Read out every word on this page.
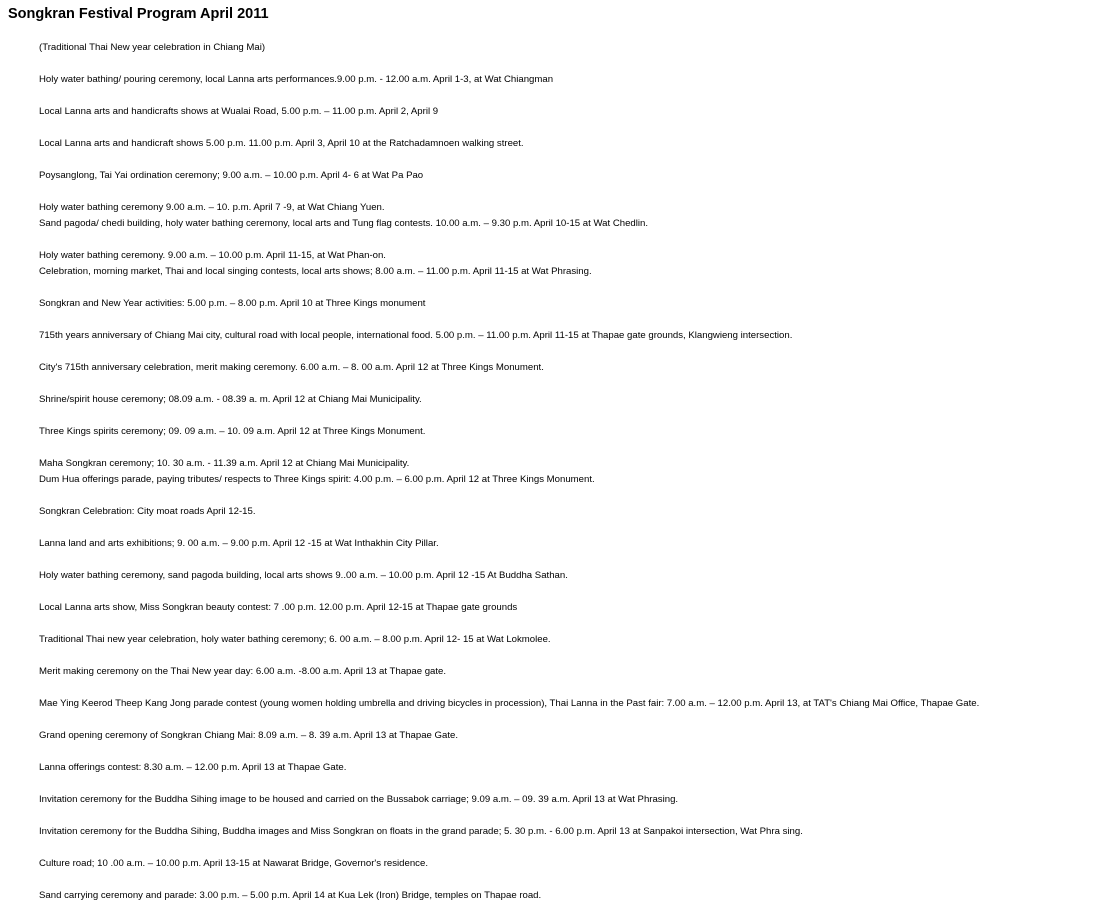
Songkran Festival Program April 2011
(Traditional Thai New year celebration in Chiang Mai)
Holy water bathing/ pouring ceremony, local Lanna arts performances.9.00 p.m. - 12.00 a.m. April 1-3, at Wat Chiangman
Local Lanna arts and handicrafts shows at Wualai Road, 5.00 p.m. – 11.00 p.m. April 2, April 9
Local Lanna arts and handicraft shows 5.00 p.m. 11.00 p.m. April 3, April 10 at the Ratchadamnoen walking street.
Poysanglong, Tai Yai ordination ceremony; 9.00 a.m. – 10.00 p.m. April 4- 6 at Wat Pa Pao
Holy water bathing ceremony 9.00 a.m. – 10. p.m. April 7 -9, at Wat Chiang Yuen.
Sand pagoda/ chedi building, holy water bathing ceremony, local arts and Tung flag contests. 10.00 a.m. – 9.30 p.m. April 10-15 at Wat Chedlin.
Holy water bathing ceremony. 9.00 a.m. – 10.00 p.m. April 11-15, at Wat Phan-on.
Celebration, morning market, Thai and local singing contests, local arts shows; 8.00 a.m. – 11.00 p.m. April 11-15 at Wat Phrasing.
Songkran and New Year activities: 5.00 p.m. – 8.00 p.m. April 10 at Three Kings monument
715th years anniversary of Chiang Mai city, cultural road with local people, international food. 5.00 p.m. – 11.00 p.m. April 11-15 at Thapae gate grounds, Klangwieng intersection.
City's 715th anniversary celebration, merit making ceremony. 6.00 a.m. – 8. 00 a.m. April 12 at Three Kings Monument.
Shrine/spirit house ceremony; 08.09 a.m. - 08.39 a. m. April 12 at Chiang Mai Municipality.
Three Kings spirits ceremony; 09. 09 a.m. – 10. 09 a.m. April 12 at Three Kings Monument.
Maha Songkran ceremony; 10. 30 a.m. - 11.39 a.m. April 12 at Chiang Mai Municipality.
Dum Hua offerings parade, paying tributes/ respects to Three Kings spirit: 4.00 p.m. – 6.00 p.m. April 12 at Three Kings Monument.
Songkran Celebration: City moat roads April 12-15.
Lanna land and arts exhibitions; 9. 00 a.m. – 9.00 p.m. April 12 -15 at Wat Inthakhin City Pillar.
Holy water bathing ceremony, sand pagoda building, local arts shows 9..00 a.m. – 10.00 p.m. April 12 -15 At Buddha Sathan.
Local Lanna arts show, Miss Songkran beauty contest: 7 .00 p.m. 12.00 p.m. April 12-15 at Thapae gate grounds
Traditional Thai new year celebration, holy water bathing ceremony; 6. 00 a.m. – 8.00 p.m. April 12- 15 at Wat Lokmolee.
Merit making ceremony on the Thai New year day: 6.00 a.m. -8.00 a.m. April 13 at Thapae gate.
Mae Ying Keerod Theep Kang Jong parade contest (young women holding umbrella and driving bicycles in procession), Thai Lanna in the Past fair: 7.00 a.m. – 12.00 p.m. April 13, at TAT's Chiang Mai Office, Thapae Gate.
Grand opening ceremony of Songkran Chiang Mai: 8.09 a.m. – 8. 39 a.m. April 13 at Thapae Gate.
Lanna offerings contest: 8.30 a.m. – 12.00 p.m. April 13 at Thapae Gate.
Invitation ceremony for the Buddha Sihing image to be housed and carried on the Bussabok carriage; 9.09 a.m. – 09. 39 a.m. April 13 at Wat Phrasing.
Invitation ceremony for the Buddha Sihing, Buddha images and Miss Songkran on floats in the grand parade; 5. 30 p.m. - 6.00 p.m. April 13 at Sanpakoi intersection, Wat Phra sing.
Culture road; 10 .00 a.m. – 10.00 p.m. April 13-15 at Nawarat Bridge, Governor's residence.
Sand carrying ceremony and parade: 3.00 p.m. – 5.00 p.m. April 14 at Kua Lek (Iron) Bridge, temples on Thapae road.
